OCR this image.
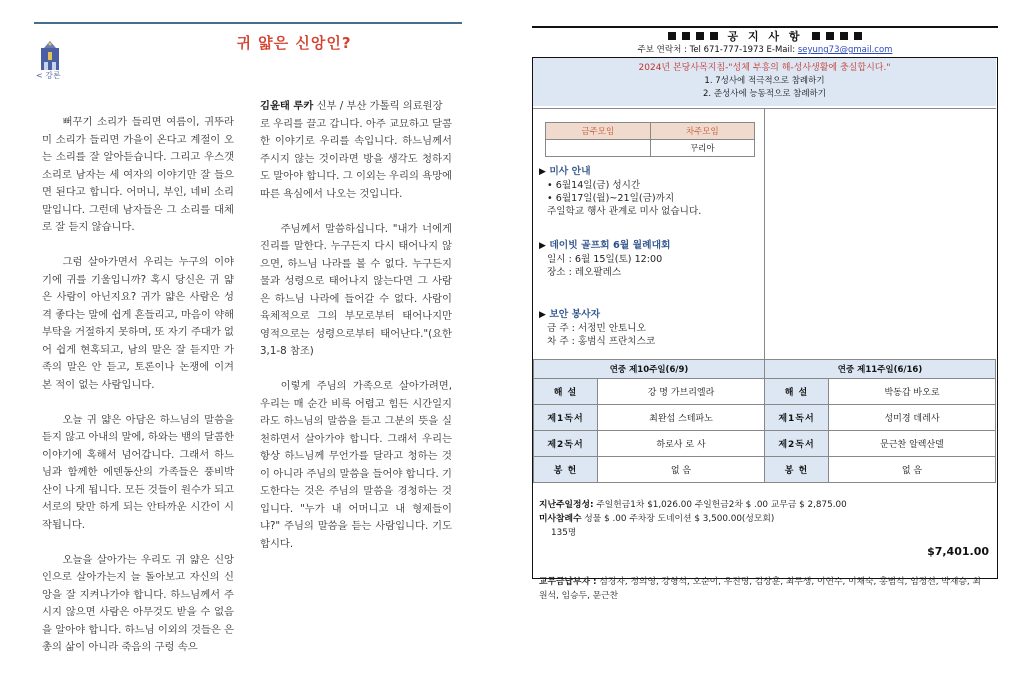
< 강론
귀 얇은 신앙인?

뻐꾸기 소리가 들리면 여름이, 귀뚜라미 소리가 들리면 가을이 온다고 계절이 오는 소리를 잘 알아듣습니다. 그리고 우스갯소리로 남자는 세 여자의 이야기만 잘 들으면 된다고 합니다. 어머니, 부인, 네비 소리 말입니다. 그런데 남자들은 그 소리를 대체로 잘 듣지 않습니다.

그럼 살아가면서 우리는 누구의 이야기에 귀를 기울입니까? 혹시 당신은 귀 얇은 사람이 아닌지요? 귀가 얇은 사람은 성격 좋다는 말에 쉽게 흔들리고, 마음이 약해 부탁을 거절하지 못하며, 또 자기 주대가 없어 쉽게 현혹되고, 남의 말은 잘 듣지만 가족의 말은 안 듣고, 토론이나 논쟁에 이겨 본 적이 없는 사람입니다.

오늘 귀 얇은 아담은 하느님의 말씀을 듣지 않고 아내의 말에, 하와는 뱀의 달콤한 이야기에 혹해서 넘어갑니다. 그래서 하느님과 함께한 에덴동산의 가족들은 풍비박산이 나게 됩니다. 모든 것들이 원수가 되고 서로의 탓만 하게 되는 안타까운 시간이 시작됩니다.

오늘을 살아가는 우리도 귀 얇은 신앙인으로 살아가는지 늘 돌아보고 자신의 신앙을 잘 지켜나가야 합니다. 하느님께서 주시지 않으면 사람은 아무것도 받을 수 없음을 알아야 합니다. 하느님 이외의 것들은 은총의 삶이 아니라 죽음의 구렁 속으

김윤태 루카 신부 / 부산 가톨릭 의료원장
로 우리를 끌고 갑니다. 아주 교묘하고 달콤한 이야기로 우리를 속입니다. 하느님께서 주시지 않는 것이라면 방을 생각도 청하지도 말아야 합니다. 그 이외는 우리의 욕망에 따른 욕심에서 나오는 것입니다.

주님께서 말씀하십니다. "내가 너에게 진리를 말한다. 누구든지 다시 태어나지 않으면, 하느님 나라를 볼 수 없다. 누구든지 물과 성령으로 태어나지 않는다면 그 사람은 하느님 나라에 들어갈 수 없다. 사람이 육체적으로 그의 부모로부터 태어나지만 영적으로는 성령으로부터 태어난다."(요한 3,1-8 참조)

이렇게 주님의 가족으로 살아가려면, 우리는 매 순간 비록 어렵고 힘든 시간일지라도 하느님의 말씀을 듣고 그분의 뜻을 실천하면서 살아가야 합니다. 그래서 우리는 항상 하느님께 무언가를 달라고 청하는 것이 아니라 주님의 말씀을 들어야 합니다. 기도한다는 것은 주님의 말씀을 경청하는 것입니다. "누가 내 어머니고 내 형제들이냐?" 주님의 말씀을 듣는 사람입니다. 기도합시다.

공 지 사 항
주보 연락처 : Tel 671-777-1973 E-Mail: seyung73@gmail.com
2024년 본당사목지침-"성체 부흥의 해-성사생활에 충실합시다."
1. 7성사에 적극적으로 참례하기
2. 준성사에 능동적으로 참례하기
금주모임	차주모임
	꾸리아
▶ 미사 안내
• 6월14일(금) 성시간
• 6월17일(월)~21일(금)까지
주일학교 행사 관계로 미사 없습니다.
▶ 데이빗 골프회 6월 월례대회
일시 : 6월 15일(토) 12:00
장소 : 레오팔레스
▶ 보안 봉사자
금 주 : 서정민 안토니오
차 주 : 홍범식 프란치스코
연중 제10주일(6/9)		연중 제11주일(6/16)	
해 설	강 명 가브리엘라	해 설	박동갑 바오로
제1독서	최완섭 스테파노	제1독서	성미경 데레사
제2독서	하로사 로 사	제2독서	문근찬 알렉산델
봉 헌	없 음	봉 헌	없 음
지난주일정성: 주일헌금1차 $1,026.00 주일헌금2차 $ .00 교무금 $ 2,875.00
미사참례수 성물 $ .00 주차장 도네이션 $ 3,500.00(성모회)
135명
$7,401.00
교무금납부자 : 심경자, 정의영, 강형석, 오순이, 우진명, 김상훈, 최두생, 이연수, 이채숙, 홍범식, 임정선, 박재승, 최원석, 임승두, 문근찬
